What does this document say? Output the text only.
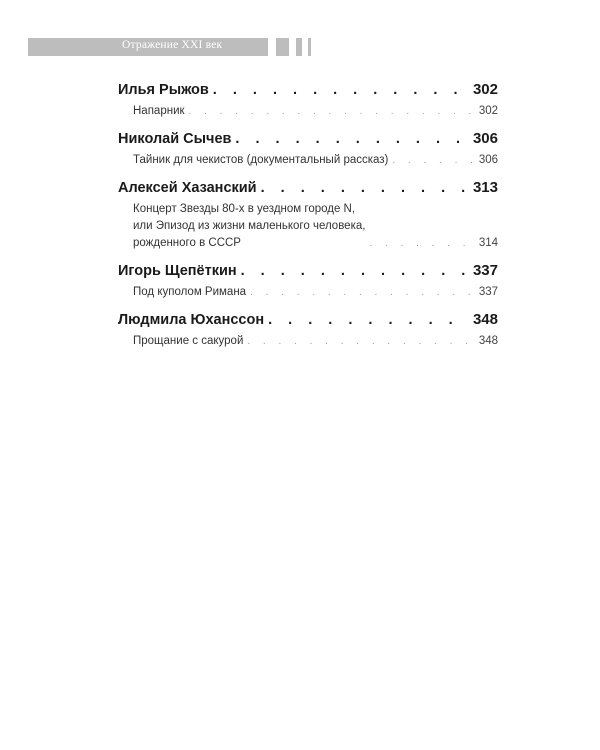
Отражение XXI век
Илья Рыжов . . .	302
Напарник . . .	302
Николай Сычев . . .	306
Тайник для чекистов (документальный рассказ) . . .	306
Алексей Хазанский . . .	313
Концерт Звезды 80-х в уездном городе N,
или Эпизод из жизни маленького человека,
рожденного в СССР . . .	314
Игорь Щепёткин . . .	337
Под куполом Римана . . .	337
Людмила Юхансcон . . .	348
Прощание с сакурой . . .	348
